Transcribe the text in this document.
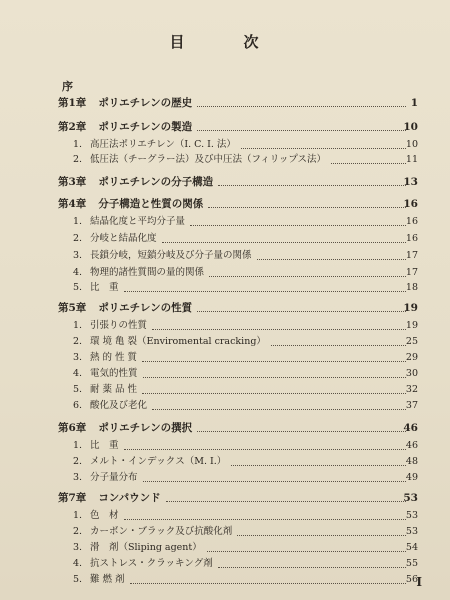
目　次
序
第1章 ポリエチレンの歴史	1
第2章 ポリエチレンの製造	10
1. 高圧法ポリエチレン（I. C. I. 法）	10
2. 低圧法（チーグラー法）及び中圧法（フィリップス法）	11
第3章 ポリエチレンの分子構造	13
第4章 分子構造と性質の関係	16
1. 結晶化度と平均分子量	16
2. 分岐と結晶化度	16
3. 長鎖分岐，短鎖分岐及び分子量の関係	17
4. 物理的諸性質間の量的関係	17
5. 比　重	18
第5章 ポリエチレンの性質	19
1. 引張りの性質	19
2. 環 境 亀 裂（Enviromental cracking）	25
3. 熱 的 性 質	29
4. 電気的性質	30
5. 耐 薬 品 性	32
6. 酸化及び老化	37
第6章 ポリエチレンの撰択	46
1. 比　重	46
2. メルト・インデックス（M. I.）	48
3. 分子量分布	49
第7章 コンパウンド	53
1. 色　材	53
2. カーボン・ブラック及び抗酸化剤	53
3. 滑　剤（Sliping agent）	54
4. 抗ストレス・クラッキング剤	55
5. 難 燃 剤	56
I
